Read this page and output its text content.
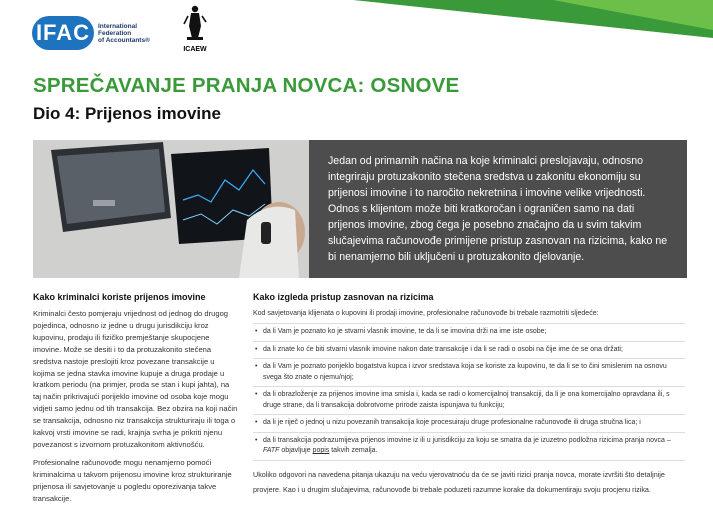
IFAC	International
Federation
of Accountants®
ICAEW
SPREČAVANJE PRANJA NOVCA: OSNOVE
Dio 4: Prijenos imovine
Jedan od primarnih načina na koje kriminalci preslojavaju, odnosno integriraju protuzakonito stečena sredstva u zakonitu ekonomiju su prijenosi imovine i to naročito nekretnina i imovine velike vrijednosti. Odnos s klijentom može biti kratkoročan i ograničen samo na dati prijenos imovine, zbog čega je posebno značajno da u svim takvim slučajevima računovođe primijene pristup zasnovan na rizicima, kako ne bi nenamjerno bili uključeni u protuzakonito djelovanje.
Kako kriminalci koriste prijenos imovine

Kriminalci često pomjeraju vrijednost od jednog do drugog pojedinca, odnosno iz jedne u drugu jurisdikciju kroz kupovinu, prodaju ili fizičko premještanje skupocjene imovine. Može se desiti i to da protuzakonito stečena sredstva nastoje presloјiti kroz povezane transakcije u kojima se jedna stavka imovine kupuje a druga prodaje u kratkom periodu (na primjer, proda se stan i kupi jahta), na taj način prikrivajući porijeklo imovine od osoba koje mogu vidjeti samo jednu od tih transakcija. Bez obzira na koji način se transakcija, odnosno niz transakcija strukturiraju ili toga o kakvoj vrsti imovine se radi, krajnja svrha je prikriti njenu povezanost s izvornom protuzakonitom aktivnošću.

Profesionalne računovođe mogu nenamjerno pomoći kriminalcima u takvom prijenosu imovine kroz strukturiranje prijenosa ili savjetovanje u pogledu oporezivanja takve transakcije.

Kako izgleda pristup zasnovan na rizicima

Kod savjetovanja klijenata o kupovini ili prodaji imovine, profesionalne računovođe bi trebale razmotriti sljedeće:

• da li Vam je poznato ko je stvarni vlasnik imovine, te da li se imovina drži na ime iste osobe;
• da li znate ko će biti stvarni vlasnik imovine nakon date transakcije i da li se radi o osobi na čije ime će se ona držati;
• da li Vam je poznato porijeklo bogatstva kupca i izvor sredstava koja se koriste za kupovinu, te da li se to čini smislenim na osnovu svega što znate o njemu/njoj;
• da li obrazloženje za prijenos imovine ima smisla i, kada se radi o komercijalnoj transakciji, da li je ona komercijalno opravdana ili, s druge strane, da li transakcija dobrotvorne prirode zaista ispunjava tu funkciju;
• da li je riječ o jednoj u nizu povezanih transakcija koje procesuiraju druge profesionalne računovođe ili druga stručna lica; i
• da li transakcija podrazumijeva prijenos imovine iz ili u jurisdikciju za koju se smatra da je izuzetno podložna rizicima pranja novca – FATF objavljuje popis takvih zemalja.

Ukoliko odgovori na navedena pitanja ukazuju na veću vjerovatnoću da će se javiti rizici pranja novca, morate izvršiti što detaljnije provjere. Kao i u drugim slučajevima, računovođe bi trebale poduzeti razumne korake da dokumentiraju svoju procjenu rizika.
